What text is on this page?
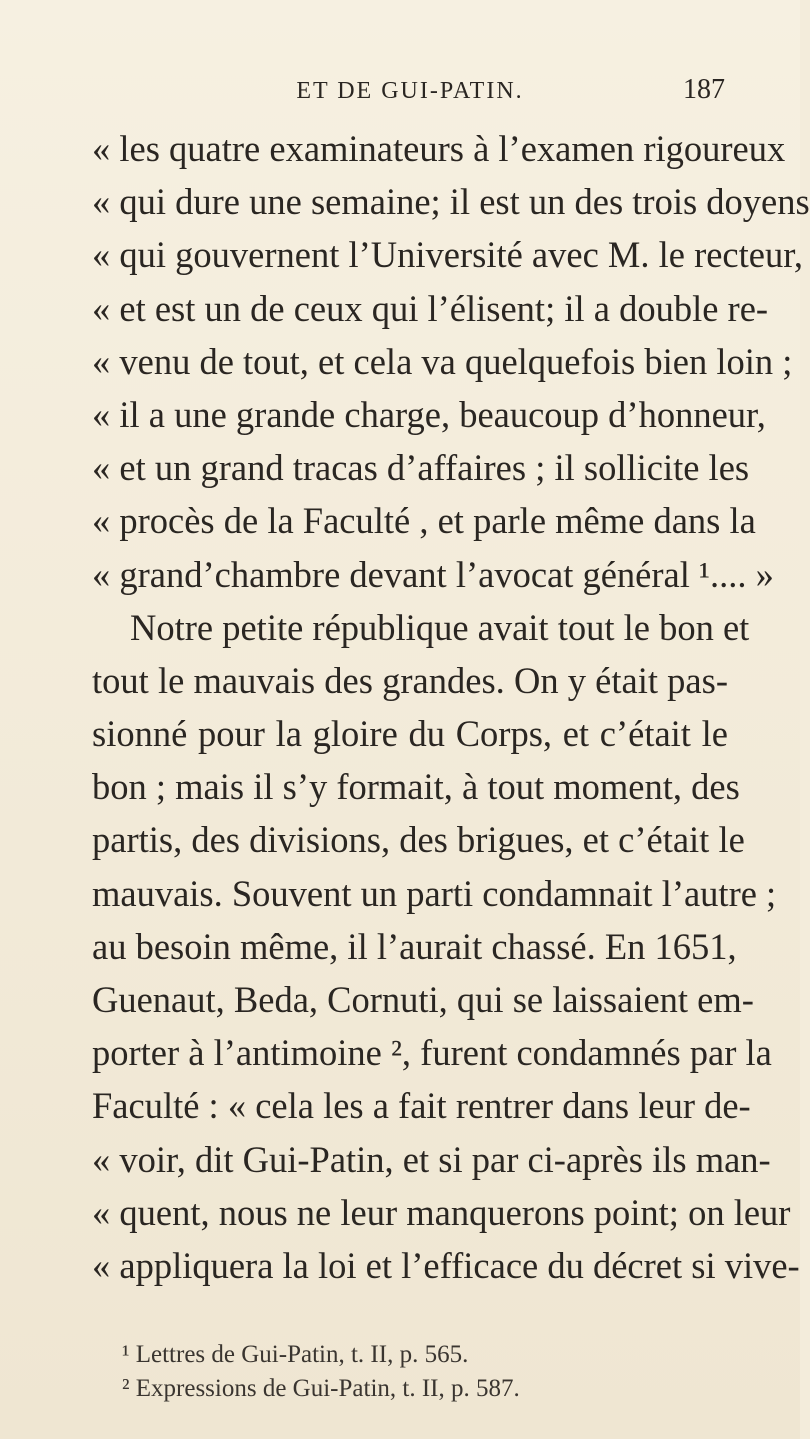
ET DE GUI-PATIN.	187
« les quatre examinateurs à l’examen rigoureux
« qui dure une semaine; il est un des trois doyens
« qui gouvernent l’Université avec M. le recteur,
« et est un de ceux qui l’élisent; il a double re-
« venu de tout, et cela va quelquefois bien loin ;
« il a une grande charge, beaucoup d’honneur,
« et un grand tracas d’affaires ; il sollicite les
« procès de la Faculté , et parle même dans la
« grand’chambre devant l’avocat général ¹.... »
Notre petite république avait tout le bon et
tout le mauvais des grandes. On y était pas-
sionné pour la gloire du Corps, et c’était le
bon ; mais il s’y formait, à tout moment, des
partis, des divisions, des brigues, et c’était le
mauvais. Souvent un parti condamnait l’autre ;
au besoin même, il l’aurait chassé. En 1651,
Guenaut, Beda, Cornuti, qui se laissaient em-
porter à l’antimoine ², furent condamnés par la
Faculté : « cela les a fait rentrer dans leur de-
« voir, dit Gui-Patin, et si par ci-après ils man-
« quent, nous ne leur manquerons point; on leur
« appliquera la loi et l’efficace du décret si vive-
¹ Lettres de Gui-Patin, t. II, p. 565.
² Expressions de Gui-Patin, t. II, p. 587.
